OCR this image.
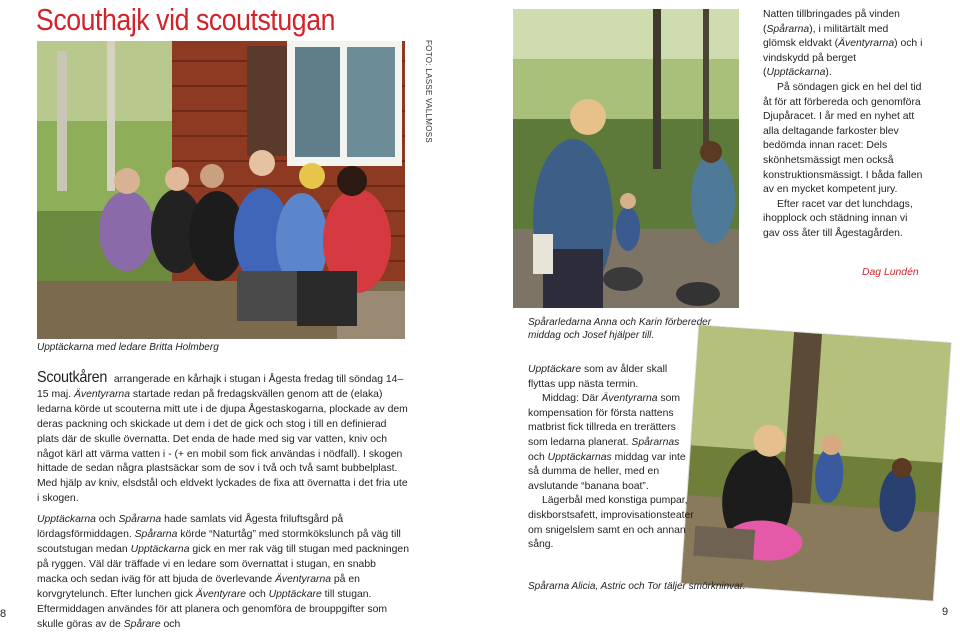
Scouthajk vid scoutstugan
FOTO: LASSE VALLMOSS

Natten tillbringades på vinden (Spårarna), i militärtält med glömsk eldvakt (Äventyrarna) och i vindskydd på berget (Upptäckarna).

På söndagen gick en hel del tid åt för att förbereda och genomföra Djupåracet. I år med en nyhet att alla deltagande farkoster blev bedömda innan racet: Dels skönhetsmässigt men också konstruktionsmässigt. I båda fallen av en mycket kompetent jury.

Efter racet var det lunchdags, ihopplock och städning innan vi gav oss åter till Ågestagården.

Dag Lundén
Upptäckarna med ledare Britta Holmberg
Spårarledarna Anna och Karin förbereder middag och Josef hjälper till.
Spårarna Alicia, Astric och Tor täljer smörkninvar.

Scoutkåren arrangerade en kårhajk i stugan i Ågesta fredag till söndag 14–15 maj. Äventyrarna startade redan på fredagskvällen genom att de (elaka) ledarna körde ut scouterna mitt ute i de djupa Ågestaskogarna, plockade av dem deras packning och skickade ut dem i det de gick och stog i till en definierad plats där de skulle övernatta. Det enda de hade med sig var vatten, kniv och något kärl att värma vatten i - (+ en mobil som fick användas i nödfall). I skogen hittade de sedan några plastsäckar som de sov i två och två samt bubbelplast. Med hjälp av kniv, elsdstål och eldvekt lyckades de fixa att övernatta i det fria ute i skogen.

Upptäckarna och Spårarna hade samlats vid Ågesta friluftsgård på lördagsförmiddagen. Spårarna körde “Naturtåg” med stormkökslunch på väg till scoutstugan medan Upptäckarna gick en mer rak väg till stugan med packningen på ryggen. Väl där träffade vi en ledare som övernattat i stugan, en snabb macka och sedan iväg för att bjuda de överlevande Äventyrarna på en korvgrytelunch. Efter lunchen gick Äventyrare och Upptäckare till stugan. Eftermiddagen användes för att planera och genomföra de brouppgifter som skulle göras av de Spårare och

Upptäckare som av ålder skall flyttas upp nästa termin.

Middag: Där Äventyrarna som kompensation för första nattens matbrist fick tillreda en trerätters som ledarna planerat. Spårarnas och Upptäckarnas middag var inte så dumma de heller, med en avslutande “banana boat”.

Lägerbål med konstiga pumpar, diskborstsafett, improvisationsteater om snigelslem samt en och annan sång.

8	9
